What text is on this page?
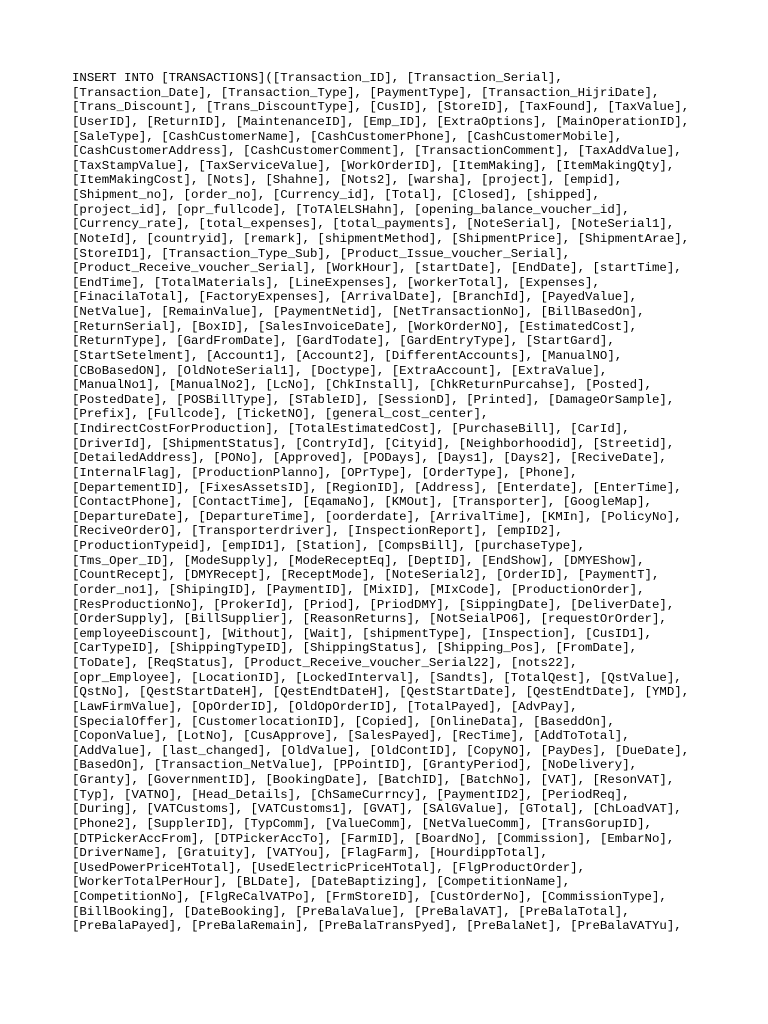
INSERT INTO [TRANSACTIONS]([Transaction_ID], [Transaction_Serial],
[Transaction_Date], [Transaction_Type], [PaymentType], [Transaction_HijriDate],
[Trans_Discount], [Trans_DiscountType], [CusID], [StoreID], [TaxFound], [TaxValue],
[UserID], [ReturnID], [MaintenanceID], [Emp_ID], [ExtraOptions], [MainOperationID],
[SaleType], [CashCustomerName], [CashCustomerPhone], [CashCustomerMobile],
[CashCustomerAddress], [CashCustomerComment], [TransactionComment], [TaxAddValue],
[TaxStampValue], [TaxServiceValue], [WorkOrderID], [ItemMaking], [ItemMakingQty],
[ItemMakingCost], [Nots], [Shahne], [Nots2], [warsha], [project], [empid],
[Shipment_no], [order_no], [Currency_id], [Total], [Closed], [shipped],
[project_id], [opr_fullcode], [ToTAlELSHahn], [opening_balance_voucher_id],
[Currency_rate], [total_expenses], [total_payments], [NoteSerial], [NoteSerial1],
[NoteId], [countryid], [remark], [shipmentMethod], [ShipmentPrice], [ShipmentArae],
[StoreID1], [Transaction_Type_Sub], [Product_Issue_voucher_Serial],
[Product_Receive_voucher_Serial], [WorkHour], [startDate], [EndDate], [startTime],
[EndTime], [TotalMaterials], [LineExpenses], [workerTotal], [Expenses],
[FinacilaTotal], [FactoryExpenses], [ArrivalDate], [BranchId], [PayedValue],
[NetValue], [RemainValue], [PaymentNetid], [NetTransactionNo], [BillBasedOn],
[ReturnSerial], [BoxID], [SalesInvoiceDate], [WorkOrderNO], [EstimatedCost],
[ReturnType], [GardFromDate], [GardTodate], [GardEntryType], [StartGard],
[StartSetelment], [Account1], [Account2], [DifferentAccounts], [ManualNO],
[CBoBasedON], [OldNoteSerial1], [Doctype], [ExtraAccount], [ExtraValue],
[ManualNo1], [ManualNo2], [LcNo], [ChkInstall], [ChkReturnPurcahse], [Posted],
[PostedDate], [POSBillType], [STableID], [SessionD], [Printed], [DamageOrSample],
[Prefix], [Fullcode], [TicketNO], [general_cost_center],
[IndirectCostForProduction], [TotalEstimatedCost], [PurchaseBill], [CarId],
[DriverId], [ShipmentStatus], [ContryId], [Cityid], [Neighborhoodid], [Streetid],
[DetailedAddress], [PONo], [Approved], [PODays], [Days1], [Days2], [ReciveDate],
[InternalFlag], [ProductionPlanno], [OPrType], [OrderType], [Phone],
[DepartementID], [FixesAssetsID], [RegionID], [Address], [Enterdate], [EnterTime],
[ContactPhone], [ContactTime], [EqamaNo], [KMOut], [Transporter], [GoogleMap],
[DepartureDate], [DepartureTime], [oorderdate], [ArrivalTime], [KMIn], [PolicyNo],
[ReciveOrderO], [Transporterdriver], [InspectionReport], [empID2],
[ProductionTypeid], [empID1], [Station], [CompsBill], [purchaseType],
[Tms_Oper_ID], [ModeSupply], [ModeReceptEq], [DeptID], [EndShow], [DMYEShow],
[CountRecept], [DMYRecept], [ReceptMode], [NoteSerial2], [OrderID], [PaymentT],
[order_no1], [ShipingID], [PaymentID], [MixID], [MIxCode], [ProductionOrder],
[ResProductionNo], [ProkerId], [Priod], [PriodDMY], [SippingDate], [DeliverDate],
[OrderSupply], [BillSupplier], [ReasonReturns], [NotSeialPO6], [requestOrOrder],
[employeeDiscount], [Without], [Wait], [shipmentType], [Inspection], [CusID1],
[CarTypeID], [ShippingTypeID], [ShippingStatus], [Shipping_Pos], [FromDate],
[ToDate], [ReqStatus], [Product_Receive_voucher_Serial22], [nots22],
[opr_Employee], [LocationID], [LockedInterval], [Sandts], [TotalQest], [QstValue],
[QstNo], [QestStartDateH], [QestEndtDateH], [QestStartDate], [QestEndtDate], [YMD],
[LawFirmValue], [OpOrderID], [OldOpOrderID], [TotalPayed], [AdvPay],
[SpecialOffer], [CustomerlocationID], [Copied], [OnlineData], [BaseddOn],
[CoponValue], [LotNo], [CusApprove], [SalesPayed], [RecTime], [AddToTotal],
[AddValue], [last_changed], [OldValue], [OldContID], [CopyNO], [PayDes], [DueDate],
[BasedOn], [Transaction_NetValue], [PPointID], [GrantyPeriod], [NoDelivery],
[Granty], [GovernmentID], [BookingDate], [BatchID], [BatchNo], [VAT], [ResonVAT],
[Typ], [VATNO], [Head_Details], [ChSameCurrncy], [PaymentID2], [PeriodReq],
[During], [VATCustoms], [VATCustoms1], [GVAT], [SAlGValue], [GTotal], [ChLoadVAT],
[Phone2], [SupplerID], [TypComm], [ValueComm], [NetValueComm], [TransGorupID],
[DTPickerAccFrom], [DTPickerAccTo], [FarmID], [BoardNo], [Commission], [EmbarNo],
[DriverName], [Gratuity], [VATYou], [FlagFarm], [HourdippTotal],
[UsedPowerPriceHTotal], [UsedElectricPriceHTotal], [FlgProductOrder],
[WorkerTotalPerHour], [BLDate], [DateBaptizing], [CompetitionName],
[CompetitionNo], [FlgReCalVATPo], [FrmStoreID], [CustOrderNo], [CommissionType],
[BillBooking], [DateBooking], [PreBalaValue], [PreBalaVAT], [PreBalaTotal],
[PreBalaPayed], [PreBalaRemain], [PreBalaTransPyed], [PreBalaNet], [PreBalaVATYu],
